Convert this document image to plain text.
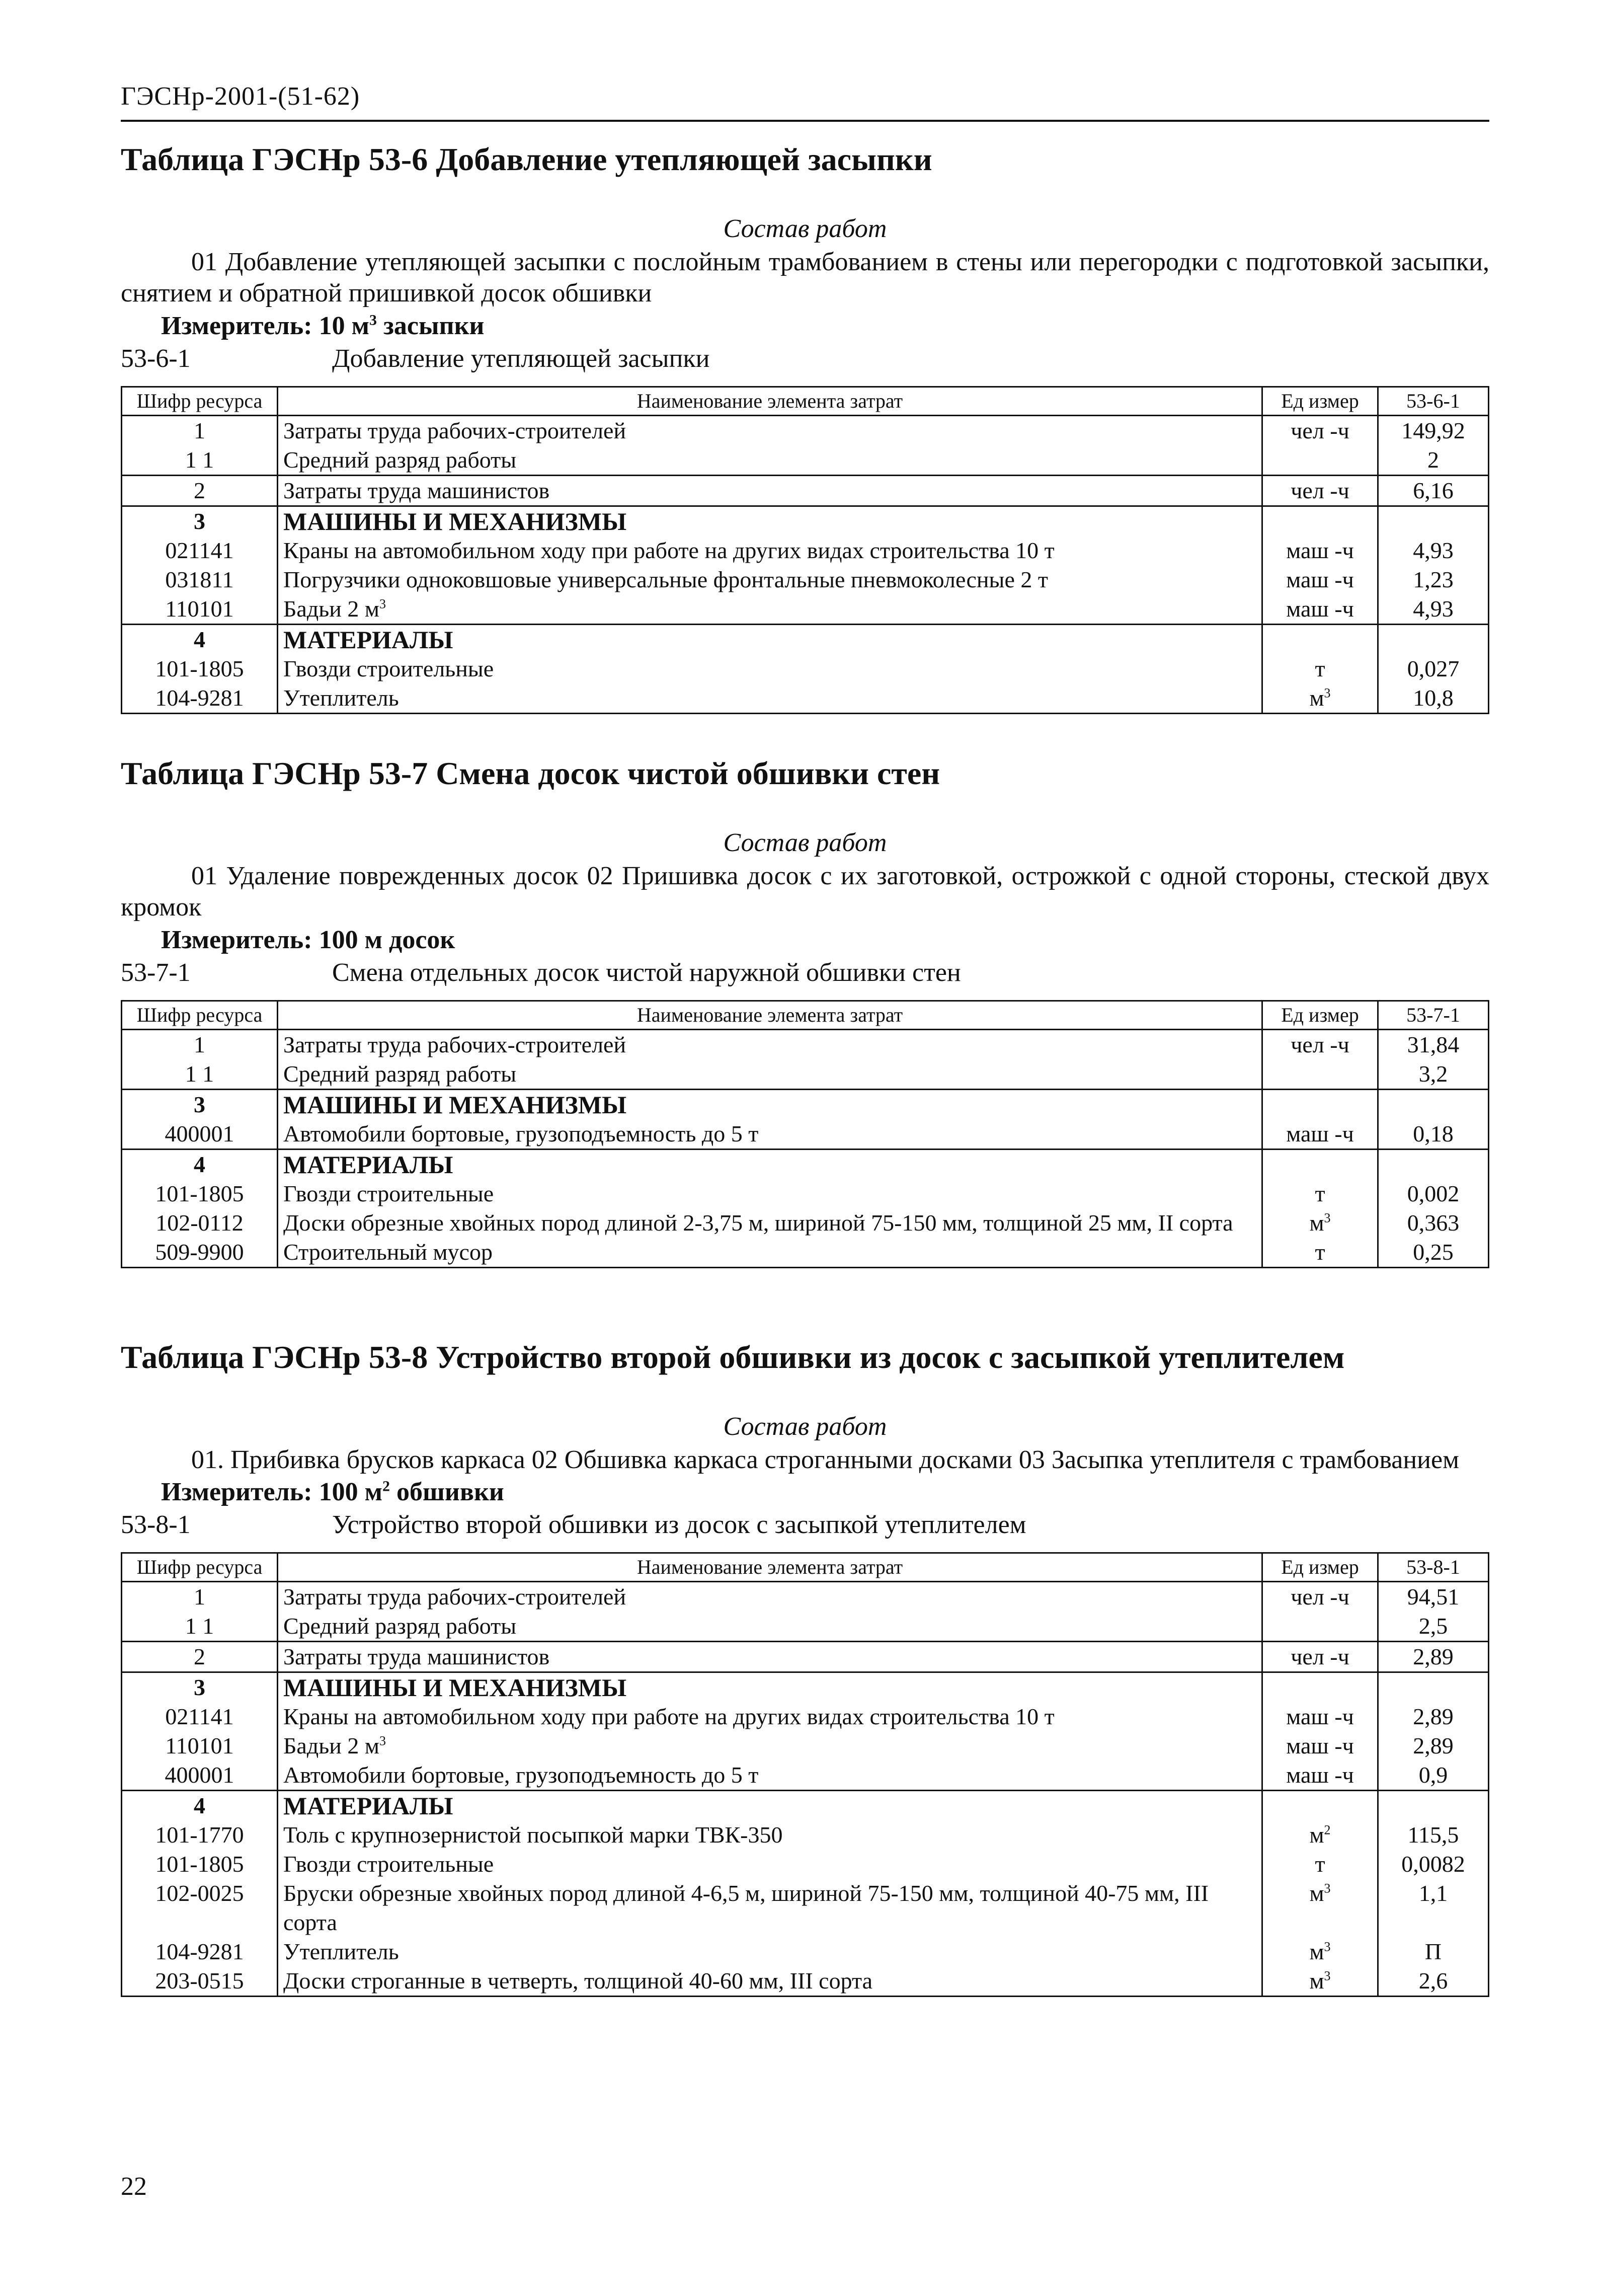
ГЭСНр-2001-(51-62)
Таблица ГЭСНр 53-6 Добавление утепляющей засыпки
Состав работ
01 Добавление утепляющей засыпки с послойным трамбованием в стены или перегородки с подготовкой засыпки, снятием и обратной пришивкой досок обшивки
Измеритель: 10 $м^3$ засыпки
53-6-1	Добавление утепляющей засыпки
Шифр ресурса	Наименование элемента затрат	Ед измер	53-6-1
1	Затраты труда рабочих-строителей	чел -ч	149,92
1 1	Средний разряд работы		2
2	Затраты труда машинистов	чел -ч	6,16
3	МАШИНЫ И МЕХАНИЗМЫ		
021141	Краны на автомобильном ходу при работе на других видах строительства 10 т	маш -ч	4,93
031811	Погрузчики одноковшовые универсальные фронтальные пневмоколесные 2 т	маш -ч	1,23
110101	Бадьи 2 $м^3$	маш -ч	4,93
4	МАТЕРИАЛЫ		
101-1805	Гвозди строительные	т	0,027
104-9281	Утеплитель	$м^3$	10,8
Таблица ГЭСНр 53-7 Смена досок чистой обшивки стен
Состав работ
01 Удаление поврежденных досок 02 Пришивка досок с их заготовкой, острожкой с одной стороны, стеской двух кромок
Измеритель: 100 м досок
53-7-1	Смена отдельных досок чистой наружной обшивки стен
Шифр ресурса	Наименование элемента затрат	Ед измер	53-7-1
1	Затраты труда рабочих-строителей	чел -ч	31,84
1 1	Средний разряд работы		3,2
3	МАШИНЫ И МЕХАНИЗМЫ		
400001	Автомобили бортовые, грузоподъемность до 5 т	маш -ч	0,18
4	МАТЕРИАЛЫ		
101-1805	Гвозди строительные	т	0,002
102-0112	Доски обрезные хвойных пород длиной 2-3,75 м, шириной 75-150 мм, толщиной 25 мм, II сорта	$м^3$	0,363
509-9900	Строительный мусор	т	0,25
Таблица ГЭСНр 53-8 Устройство второй обшивки из досок с засыпкой утеплителем
Состав работ
01. Прибивка брусков каркаса 02 Обшивка каркаса строганными досками 03 Засыпка утеплителя с трамбованием
Измеритель: 100 $м^2$ обшивки
53-8-1	Устройство второй обшивки из досок с засыпкой утеплителем
Шифр ресурса	Наименование элемента затрат	Ед измер	53-8-1
1	Затраты труда рабочих-строителей	чел -ч	94,51
1 1	Средний разряд работы		2,5
2	Затраты труда машинистов	чел -ч	2,89
3	МАШИНЫ И МЕХАНИЗМЫ		
021141	Краны на автомобильном ходу при работе на других видах строительства 10 т	маш -ч	2,89
110101	Бадьи 2 $м^3$	маш -ч	2,89
400001	Автомобили бортовые, грузоподъемность до 5 т	маш -ч	0,9
4	МАТЕРИАЛЫ		
101-1770	Толь с крупнозернистой посыпкой марки ТВК-350	$м^2$	115,5
101-1805	Гвозди строительные	т	0,0082
102-0025	Бруски обрезные хвойных пород длиной 4-6,5 м, шириной 75-150 мм, толщиной 40-75 мм, III сорта	$м^3$	1,1
104-9281	Утеплитель	$м^3$	П
203-0515	Доски строганные в четверть, толщиной 40-60 мм, III сорта	$м^3$	2,6
22
